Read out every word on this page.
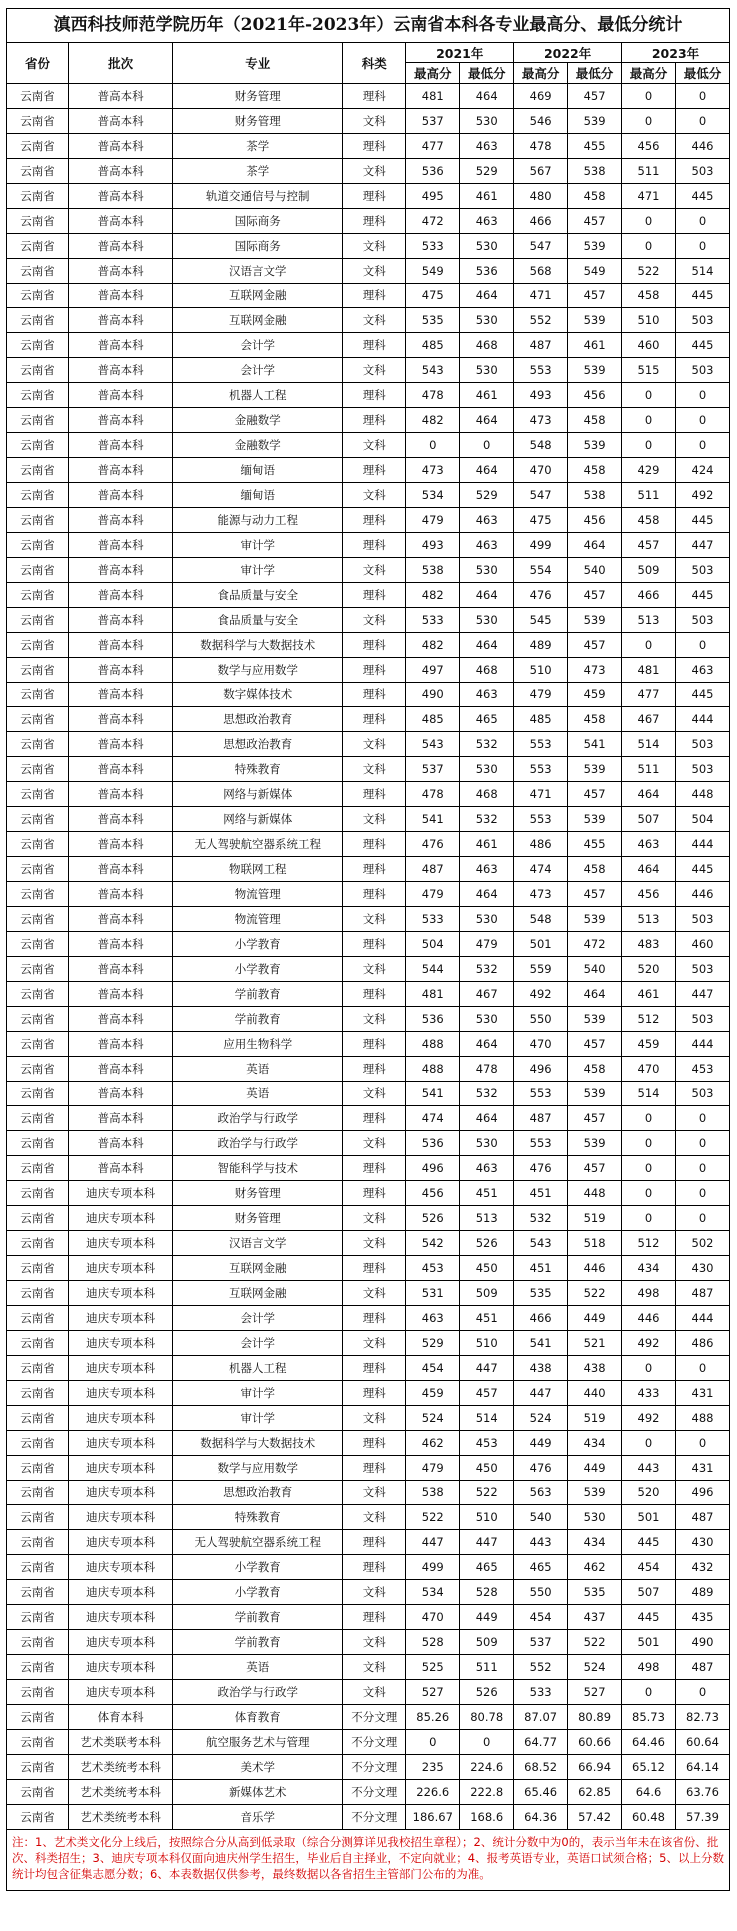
滇西科技师范学院历年（2021年-2023年）云南省本科各专业最高分、最低分统计
省份	批次	专业	科类	2021年		2022年		2023年	
				最高分	最低分	最高分	最低分	最高分	最低分
云南省	普高本科	财务管理	理科	481	464	469	457	0	0
云南省	普高本科	财务管理	文科	537	530	546	539	0	0
云南省	普高本科	茶学	理科	477	463	478	455	456	446
云南省	普高本科	茶学	文科	536	529	567	538	511	503
云南省	普高本科	轨道交通信号与控制	理科	495	461	480	458	471	445
云南省	普高本科	国际商务	理科	472	463	466	457	0	0
云南省	普高本科	国际商务	文科	533	530	547	539	0	0
云南省	普高本科	汉语言文学	文科	549	536	568	549	522	514
云南省	普高本科	互联网金融	理科	475	464	471	457	458	445
云南省	普高本科	互联网金融	文科	535	530	552	539	510	503
云南省	普高本科	会计学	理科	485	468	487	461	460	445
云南省	普高本科	会计学	文科	543	530	553	539	515	503
云南省	普高本科	机器人工程	理科	478	461	493	456	0	0
云南省	普高本科	金融数学	理科	482	464	473	458	0	0
云南省	普高本科	金融数学	文科	0	0	548	539	0	0
云南省	普高本科	缅甸语	理科	473	464	470	458	429	424
云南省	普高本科	缅甸语	文科	534	529	547	538	511	492
云南省	普高本科	能源与动力工程	理科	479	463	475	456	458	445
云南省	普高本科	审计学	理科	493	463	499	464	457	447
云南省	普高本科	审计学	文科	538	530	554	540	509	503
云南省	普高本科	食品质量与安全	理科	482	464	476	457	466	445
云南省	普高本科	食品质量与安全	文科	533	530	545	539	513	503
云南省	普高本科	数据科学与大数据技术	理科	482	464	489	457	0	0
云南省	普高本科	数学与应用数学	理科	497	468	510	473	481	463
云南省	普高本科	数字媒体技术	理科	490	463	479	459	477	445
云南省	普高本科	思想政治教育	理科	485	465	485	458	467	444
云南省	普高本科	思想政治教育	文科	543	532	553	541	514	503
云南省	普高本科	特殊教育	文科	537	530	553	539	511	503
云南省	普高本科	网络与新媒体	理科	478	468	471	457	464	448
云南省	普高本科	网络与新媒体	文科	541	532	553	539	507	504
云南省	普高本科	无人驾驶航空器系统工程	理科	476	461	486	455	463	444
云南省	普高本科	物联网工程	理科	487	463	474	458	464	445
云南省	普高本科	物流管理	理科	479	464	473	457	456	446
云南省	普高本科	物流管理	文科	533	530	548	539	513	503
云南省	普高本科	小学教育	理科	504	479	501	472	483	460
云南省	普高本科	小学教育	文科	544	532	559	540	520	503
云南省	普高本科	学前教育	理科	481	467	492	464	461	447
云南省	普高本科	学前教育	文科	536	530	550	539	512	503
云南省	普高本科	应用生物科学	理科	488	464	470	457	459	444
云南省	普高本科	英语	理科	488	478	496	458	470	453
云南省	普高本科	英语	文科	541	532	553	539	514	503
云南省	普高本科	政治学与行政学	理科	474	464	487	457	0	0
云南省	普高本科	政治学与行政学	文科	536	530	553	539	0	0
云南省	普高本科	智能科学与技术	理科	496	463	476	457	0	0
云南省	迪庆专项本科	财务管理	理科	456	451	451	448	0	0
云南省	迪庆专项本科	财务管理	文科	526	513	532	519	0	0
云南省	迪庆专项本科	汉语言文学	文科	542	526	543	518	512	502
云南省	迪庆专项本科	互联网金融	理科	453	450	451	446	434	430
云南省	迪庆专项本科	互联网金融	文科	531	509	535	522	498	487
云南省	迪庆专项本科	会计学	理科	463	451	466	449	446	444
云南省	迪庆专项本科	会计学	文科	529	510	541	521	492	486
云南省	迪庆专项本科	机器人工程	理科	454	447	438	438	0	0
云南省	迪庆专项本科	审计学	理科	459	457	447	440	433	431
云南省	迪庆专项本科	审计学	文科	524	514	524	519	492	488
云南省	迪庆专项本科	数据科学与大数据技术	理科	462	453	449	434	0	0
云南省	迪庆专项本科	数学与应用数学	理科	479	450	476	449	443	431
云南省	迪庆专项本科	思想政治教育	文科	538	522	563	539	520	496
云南省	迪庆专项本科	特殊教育	文科	522	510	540	530	501	487
云南省	迪庆专项本科	无人驾驶航空器系统工程	理科	447	447	443	434	445	430
云南省	迪庆专项本科	小学教育	理科	499	465	465	462	454	432
云南省	迪庆专项本科	小学教育	文科	534	528	550	535	507	489
云南省	迪庆专项本科	学前教育	理科	470	449	454	437	445	435
云南省	迪庆专项本科	学前教育	文科	528	509	537	522	501	490
云南省	迪庆专项本科	英语	文科	525	511	552	524	498	487
云南省	迪庆专项本科	政治学与行政学	文科	527	526	533	527	0	0
云南省	体育本科	体育教育	不分文理	85.26	80.78	87.07	80.89	85.73	82.73
云南省	艺术类联考本科	航空服务艺术与管理	不分文理	0	0	64.77	60.66	64.46	60.64
云南省	艺术类统考本科	美术学	不分文理	235	224.6	68.52	66.94	65.12	64.14
云南省	艺术类统考本科	新媒体艺术	不分文理	226.6	222.8	65.46	62.85	64.6	63.76
云南省	艺术类统考本科	音乐学	不分文理	186.67	168.6	64.36	57.42	60.48	57.39
注：1、艺术类文化分上线后，按照综合分从高到低录取（综合分测算详见我校招生章程）；2、统计分数中为0的，表示当年未在该省份、批次、科类招生；3、迪庆专项本科仅面向迪庆州学生招生，毕业后自主择业，不定向就业；4、报考英语专业，英语口试须合格；5、以上分数统计均包含征集志愿分数；6、本表数据仅供参考，最终数据以各省招生主管部门公布的为准。
